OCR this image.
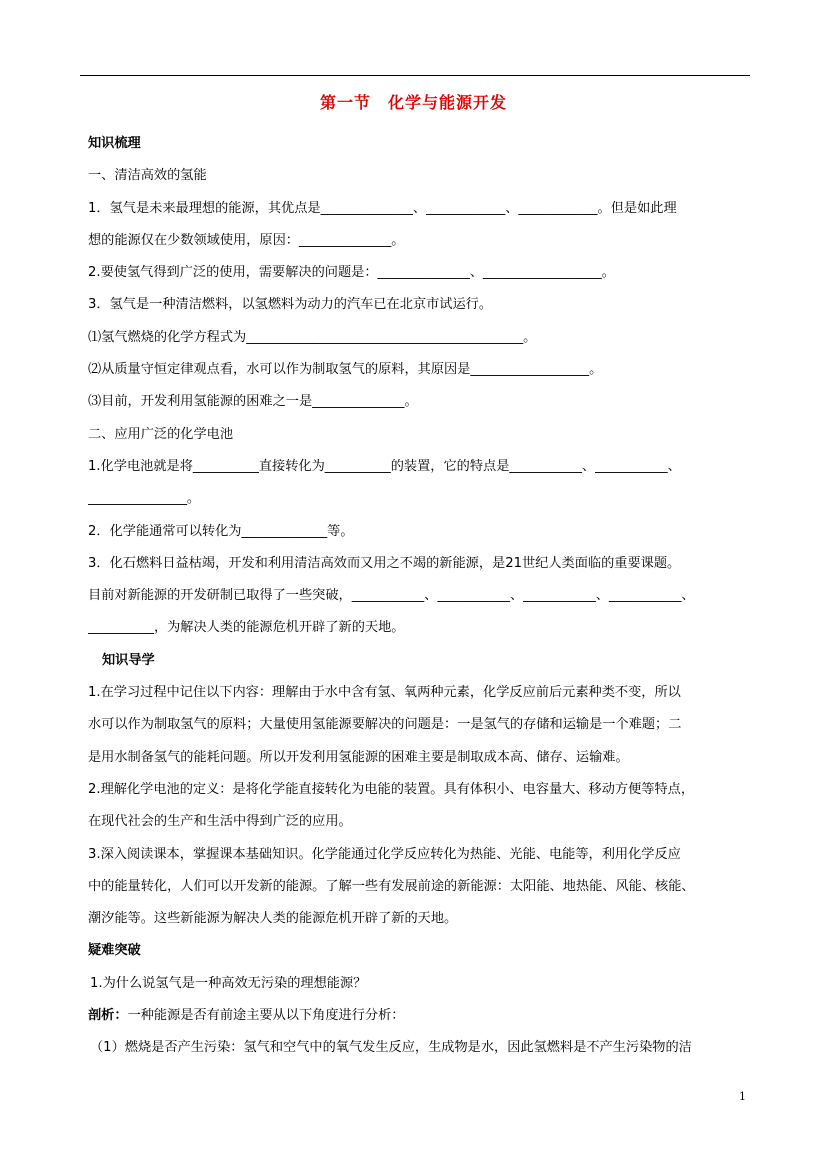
第一节　化学与能源开发
知识梳理
一、清洁高效的氢能
1．氢气是未来最理想的能源，其优点是______________、____________、____________。但是如此理
想的能源仅在少数领域使用，原因：______________。
2.要使氢气得到广泛的使用，需要解决的问题是：______________、__________________。
3．氢气是一种清洁燃料，以氢燃料为动力的汽车已在北京市试运行。
⑴氢气燃烧的化学方程式为__________________________________________。
⑵从质量守恒定律观点看，水可以作为制取氢气的原料，其原因是__________________。
⑶目前，开发利用氢能源的困难之一是______________。
二、应用广泛的化学电池
1.化学电池就是将__________直接转化为__________的装置，它的特点是___________、___________、
_______________。
2．化学能通常可以转化为_____________等。
3．化石燃料日益枯竭，开发和利用清洁高效而又用之不竭的新能源，是21世纪人类面临的重要课题。
目前对新能源的开发研制已取得了一些突破，___________、___________、___________、___________、
__________，为解决人类的能源危机开辟了新的天地。
知识导学
1.在学习过程中记住以下内容：理解由于水中含有氢、氧两种元素，化学反应前后元素种类不变，所以
水可以作为制取氢气的原料；大量使用氢能源要解决的问题是：一是氢气的存储和运输是一个难题；二
是用水制备氢气的能耗问题。所以开发利用氢能源的困难主要是制取成本高、储存、运输难。
2.理解化学电池的定义：是将化学能直接转化为电能的装置。具有体积小、电容量大、移动方便等特点，
在现代社会的生产和生活中得到广泛的应用。
3.深入阅读课本，掌握课本基础知识。化学能通过化学反应转化为热能、光能、电能等，利用化学反应
中的能量转化，人们可以开发新的能源。了解一些有发展前途的新能源：太阳能、地热能、风能、核能、
潮汐能等。这些新能源为解决人类的能源危机开辟了新的天地。
疑难突破
1.为什么说氢气是一种高效无污染的理想能源？
剖析：一种能源是否有前途主要从以下角度进行分析：
（1）燃烧是否产生污染：氢气和空气中的氧气发生反应，生成物是水，因此氢燃料是不产生污染物的洁
1
